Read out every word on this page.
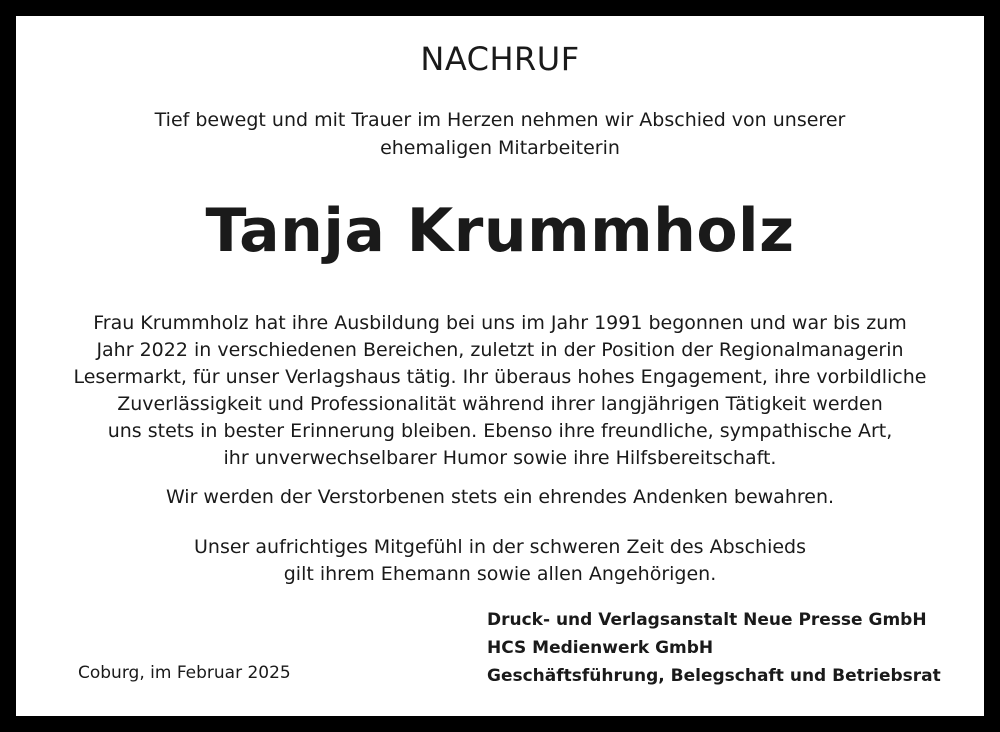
NACHRUF
Tief bewegt und mit Trauer im Herzen nehmen wir Abschied von unserer
ehemaligen Mitarbeiterin
Tanja Krummholz
Frau Krummholz hat ihre Ausbildung bei uns im Jahr 1991 begonnen und war bis zum
Jahr 2022 in verschiedenen Bereichen, zuletzt in der Position der Regionalmanagerin
Lesermarkt, für unser Verlagshaus tätig. Ihr überaus hohes Engagement, ihre vorbildliche
Zuverlässigkeit und Professionalität während ihrer langjährigen Tätigkeit werden
uns stets in bester Erinnerung bleiben. Ebenso ihre freundliche, sympathische Art,
ihr unverwechselbarer Humor sowie ihre Hilfsbereitschaft.
Wir werden der Verstorbenen stets ein ehrendes Andenken bewahren.
Unser aufrichtiges Mitgefühl in der schweren Zeit des Abschieds
gilt ihrem Ehemann sowie allen Angehörigen.
Coburg, im Februar 2025
Druck- und Verlagsanstalt Neue Presse GmbH
HCS Medienwerk GmbH
Geschäftsführung, Belegschaft und Betriebsrat
